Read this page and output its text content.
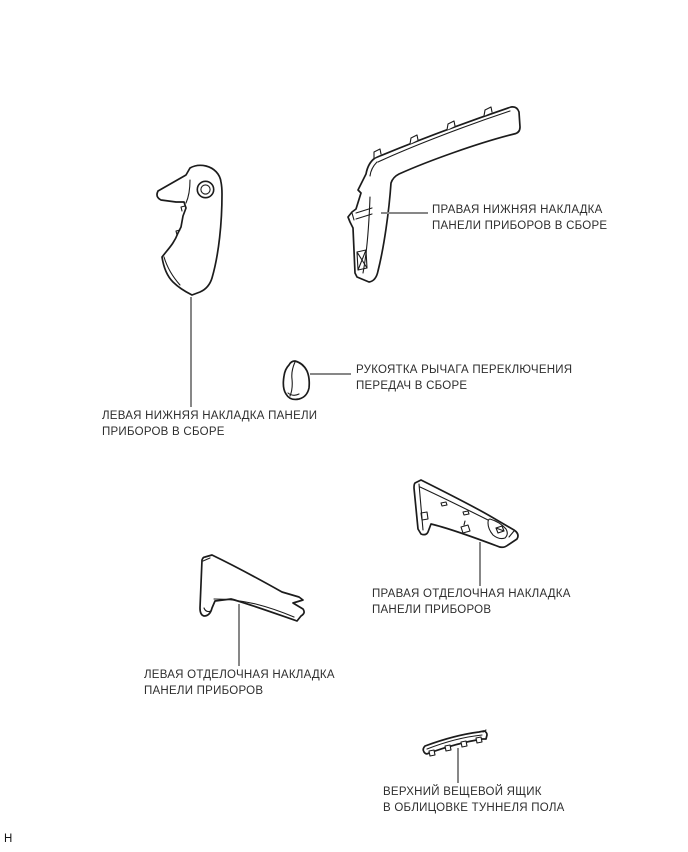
ПРАВАЯ НИЖНЯЯ НАКЛАДКА
ПАНЕЛИ ПРИБОРОВ В СБОРЕ
РУКОЯТКА РЫЧАГА ПЕРЕКЛЮЧЕНИЯ
ПЕРЕДАЧ В СБОРЕ
ЛЕВАЯ НИЖНЯЯ НАКЛАДКА ПАНЕЛИ
ПРИБОРОВ В СБОРЕ
ПРАВАЯ ОТДЕЛОЧНАЯ НАКЛАДКА
ПАНЕЛИ ПРИБОРОВ
ЛЕВАЯ ОТДЕЛОЧНАЯ НАКЛАДКА
ПАНЕЛИ ПРИБОРОВ
ВЕРХНИЙ ВЕЩЕВОЙ ЯЩИК
В ОБЛИЦОВКЕ ТУННЕЛЯ ПОЛА
Н
